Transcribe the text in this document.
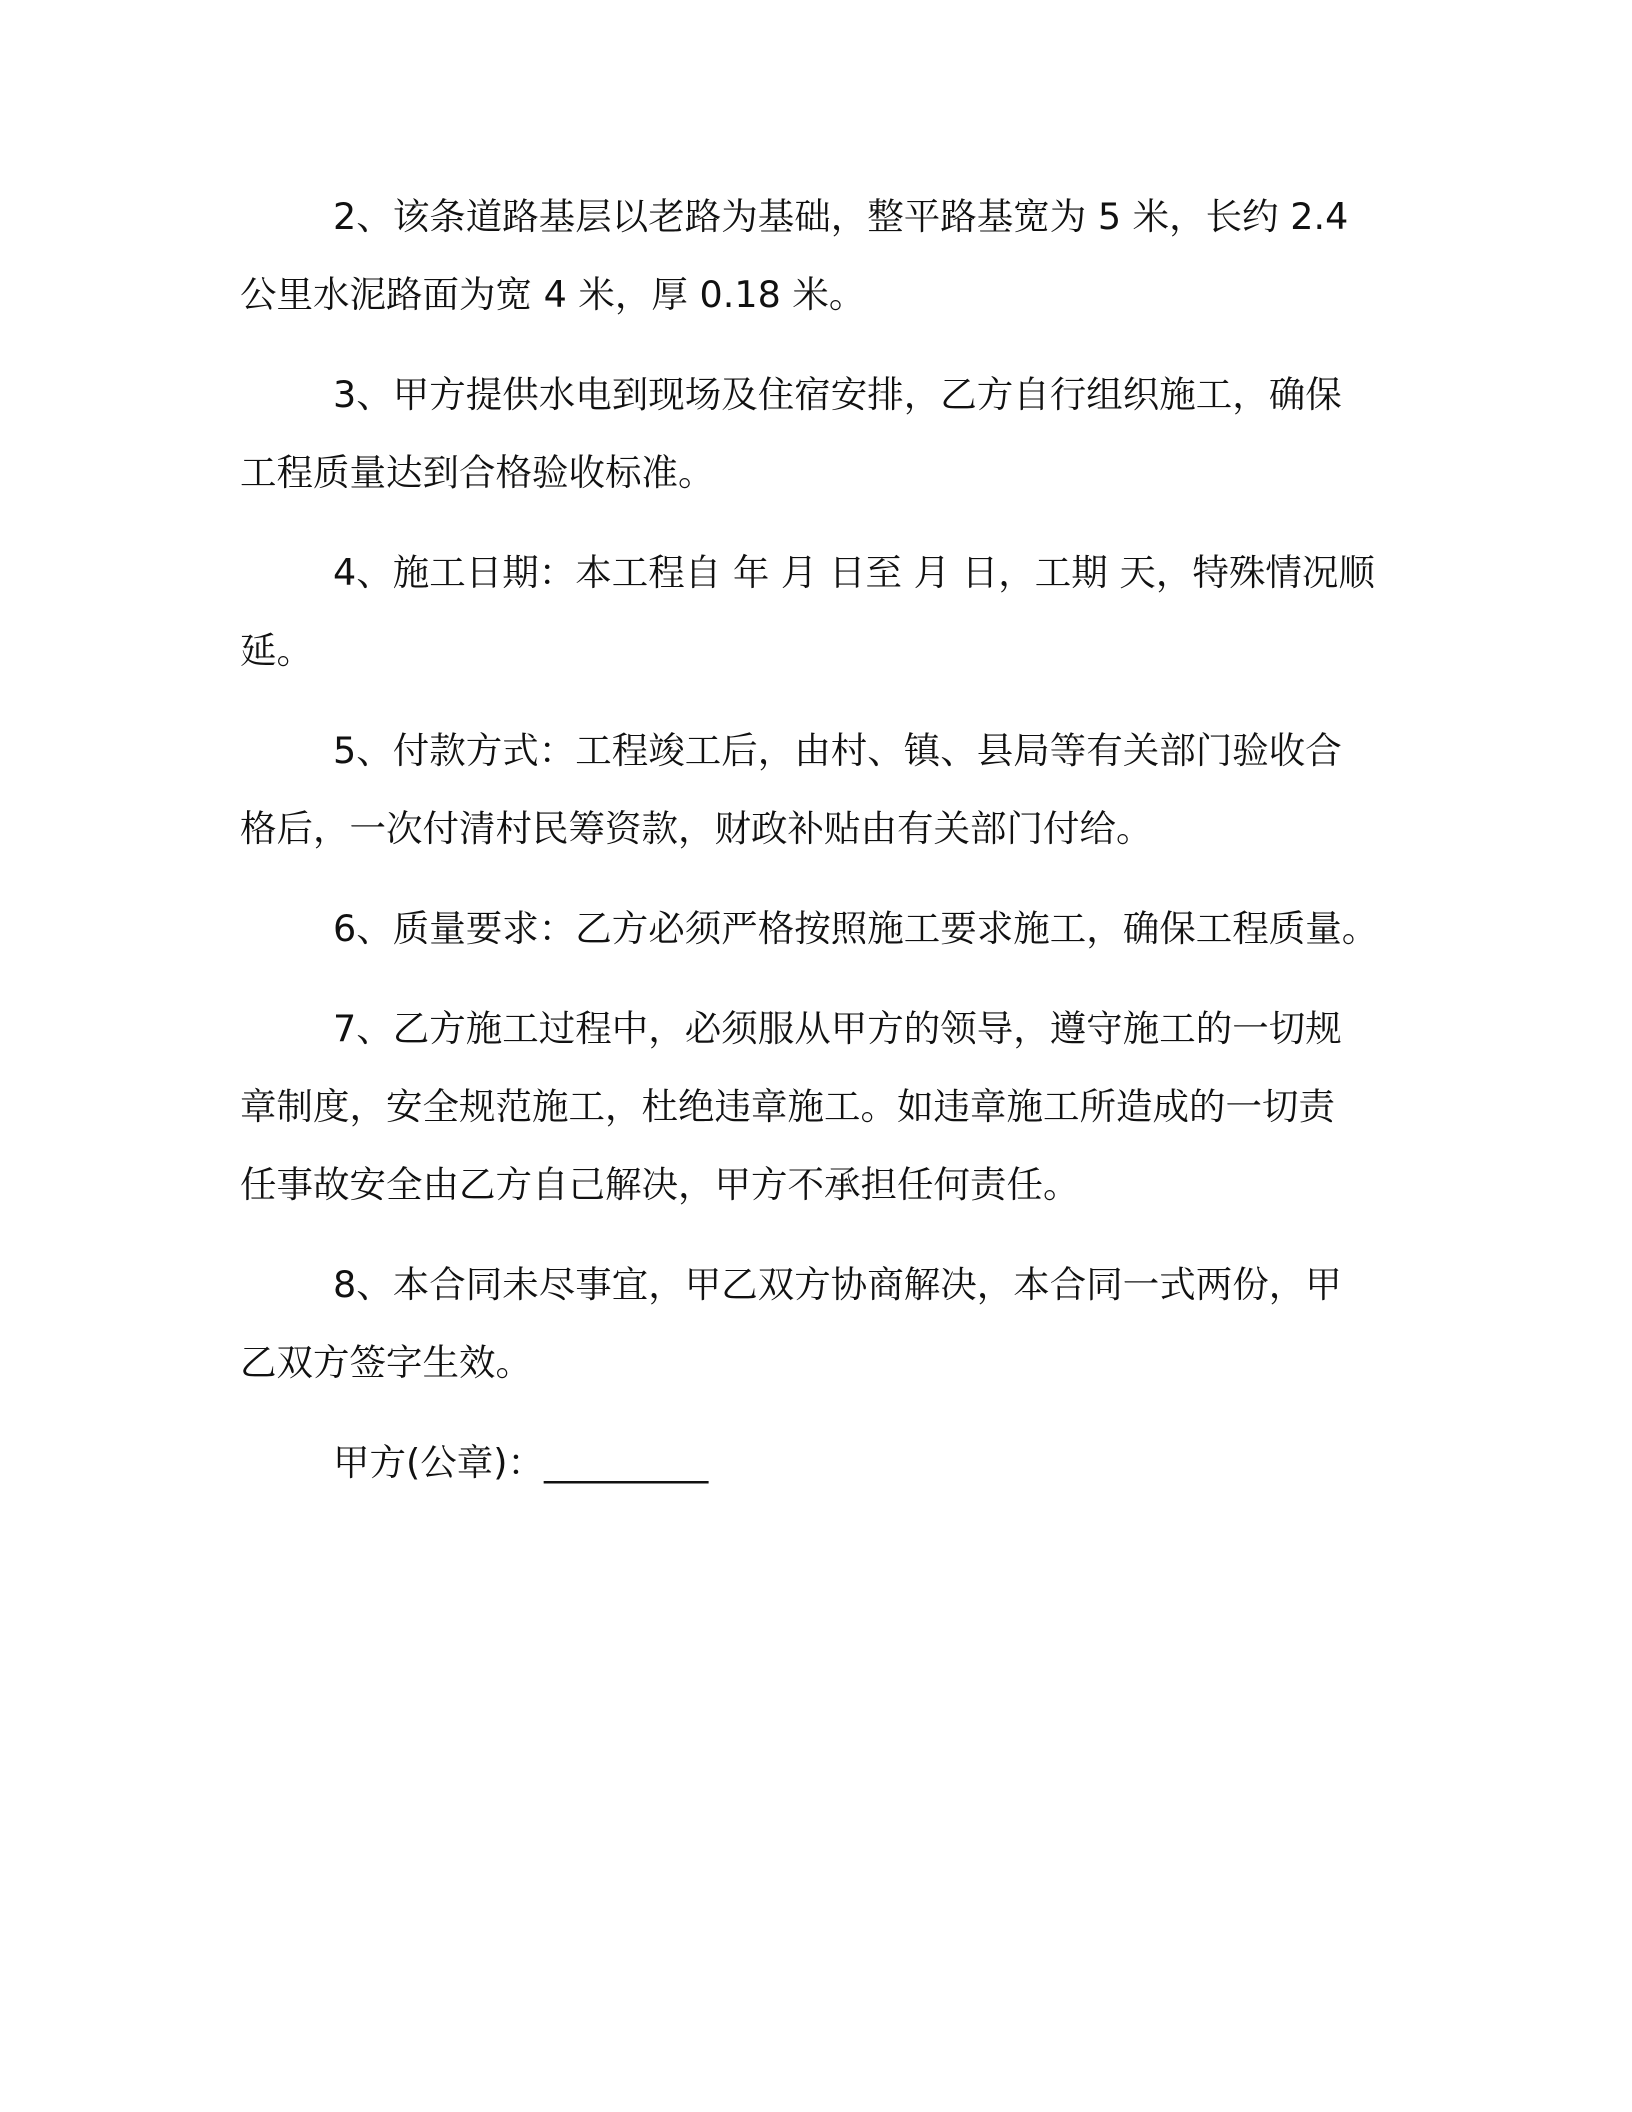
2、该条道路基层以老路为基础，整平路基宽为 5 米，长约 2.4
公里水泥路面为宽 4 米，厚 0.18 米。

3、甲方提供水电到现场及住宿安排，乙方自行组织施工，确保
工程质量达到合格验收标准。

4、施工日期：本工程自 年 月 日至 月 日，工期 天，特殊情况顺
延。

5、付款方式：工程竣工后，由村、镇、县局等有关部门验收合
格后，一次付清村民筹资款，财政补贴由有关部门付给。

6、质量要求：乙方必须严格按照施工要求施工，确保工程质量。

7、乙方施工过程中，必须服从甲方的领导，遵守施工的一切规
章制度，安全规范施工，杜绝违章施工。如违章施工所造成的一切责
任事故安全由乙方自己解决，甲方不承担任何责任。

8、本合同未尽事宜，甲乙双方协商解决，本合同一式两份，甲
乙双方签字生效。

甲方(公章)：_________
